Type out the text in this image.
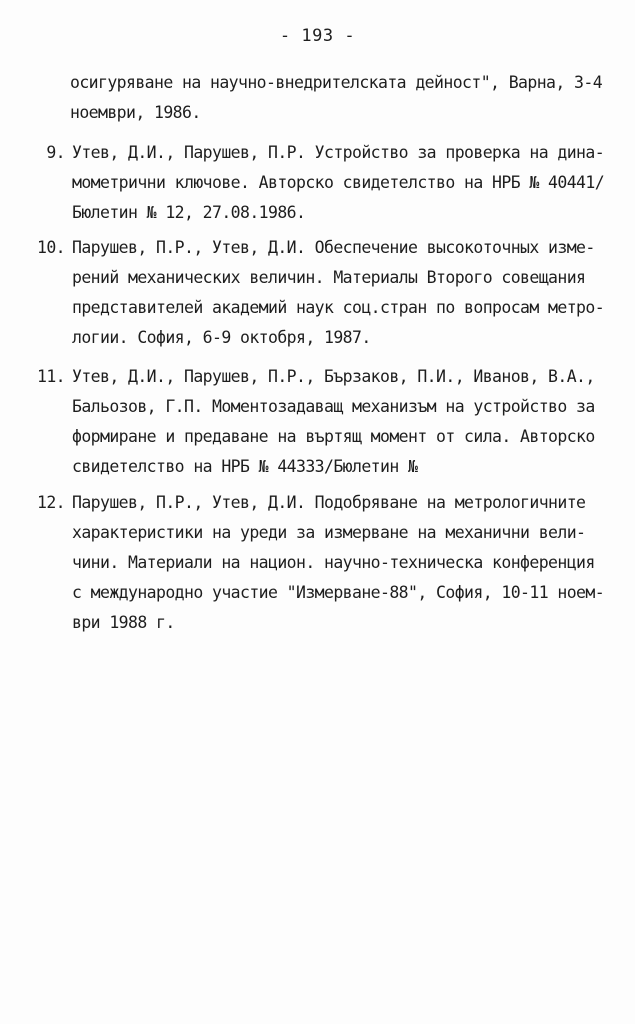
- 193 -
осигуряване на научно-внедрителската дейност", Варна, 3-4
ноември, 1986.
9. Утев, Д.И., Парушев, П.Р. Устройство за проверка на дина-
мометрични ключове. Авторско свидетелство на НРБ № 40441/
Бюлетин № 12, 27.08.1986.
10. Парушев, П.Р., Утев, Д.И. Обеспечение высокоточных изме-
рений механических величин. Материалы Второго совещания
представителей академий наук соц.стран по вопросам метро-
логии. София, 6-9 октобря, 1987.
11. Утев, Д.И., Парушев, П.Р., Бързаков, П.И., Иванов, В.А.,
Бальозов, Г.П. Моментозадаващ механизъм на устройство за
формиране и предаване на въртящ момент от сила. Авторско
свидетелство на НРБ № 44333/Бюлетин №
12. Парушев, П.Р., Утев, Д.И. Подобряване на метрологичните
характеристики на уреди за измерване на механични вели-
чини. Материали на национ. научно-техническа конференция
с международно участие "Измерване-88", София, 10-11 ноем-
ври 1988 г.
